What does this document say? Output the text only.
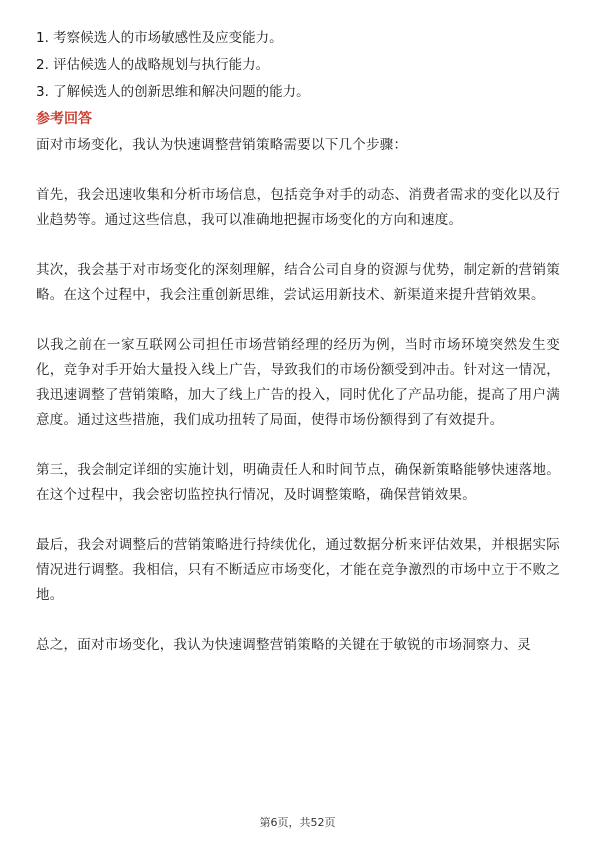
1. 考察候选人的市场敏感性及应变能力。
2. 评估候选人的战略规划与执行能力。
3. 了解候选人的创新思维和解决问题的能力。
参考回答

面对市场变化，我认为快速调整营销策略需要以下几个步骤：

首先，我会迅速收集和分析市场信息，包括竞争对手的动态、消费者需求的变化以及行业趋势等。通过这些信息，我可以准确地把握市场变化的方向和速度。

其次，我会基于对市场变化的深刻理解，结合公司自身的资源与优势，制定新的营销策略。在这个过程中，我会注重创新思维，尝试运用新技术、新渠道来提升营销效果。

以我之前在一家互联网公司担任市场营销经理的经历为例，当时市场环境突然发生变化，竞争对手开始大量投入线上广告，导致我们的市场份额受到冲击。针对这一情况，我迅速调整了营销策略，加大了线上广告的投入，同时优化了产品功能，提高了用户满意度。通过这些措施，我们成功扭转了局面，使得市场份额得到了有效提升。

第三，我会制定详细的实施计划，明确责任人和时间节点，确保新策略能够快速落地。在这个过程中，我会密切监控执行情况，及时调整策略，确保营销效果。

最后，我会对调整后的营销策略进行持续优化，通过数据分析来评估效果，并根据实际情况进行调整。我相信，只有不断适应市场变化，才能在竞争激烈的市场中立于不败之地。

总之，面对市场变化，我认为快速调整营销策略的关键在于敏锐的市场洞察力、灵

第6页，共52页
